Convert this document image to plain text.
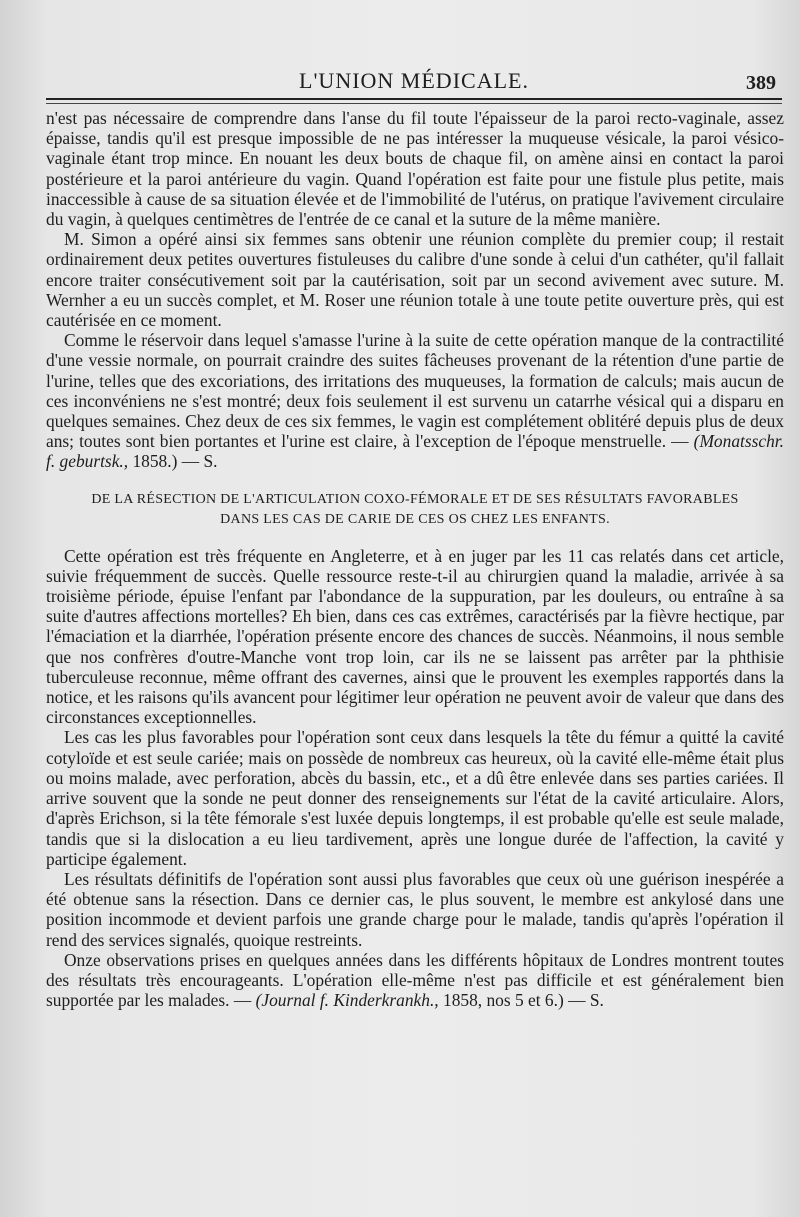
L'UNION MÉDICALE.	389

n'est pas nécessaire de comprendre dans l'anse du fil toute l'épaisseur de la paroi recto-vaginale, assez épaisse, tandis qu'il est presque impossible de ne pas intéresser la muqueuse vésicale, la paroi vésico-vaginale étant trop mince. En nouant les deux bouts de chaque fil, on amène ainsi en contact la paroi postérieure et la paroi antérieure du vagin. Quand l'opération est faite pour une fistule plus petite, mais inaccessible à cause de sa situation élevée et de l'immobilité de l'utérus, on pratique l'avivement circulaire du vagin, à quelques centimètres de l'entrée de ce canal et la suture de la même manière.

M. Simon a opéré ainsi six femmes sans obtenir une réunion complète du premier coup; il restait ordinairement deux petites ouvertures fistuleuses du calibre d'une sonde à celui d'un cathéter, qu'il fallait encore traiter consécutivement soit par la cautérisation, soit par un second avivement avec suture. M. Wernher a eu un succès complet, et M. Roser une réunion totale à une toute petite ouverture près, qui est cautérisée en ce moment.

Comme le réservoir dans lequel s'amasse l'urine à la suite de cette opération manque de la contractilité d'une vessie normale, on pourrait craindre des suites fâcheuses provenant de la rétention d'une partie de l'urine, telles que des excoriations, des irritations des muqueuses, la formation de calculs; mais aucun de ces inconvéniens ne s'est montré; deux fois seulement il est survenu un catarrhe vésical qui a disparu en quelques semaines. Chez deux de ces six femmes, le vagin est complétement oblitéré depuis plus de deux ans; toutes sont bien portantes et l'urine est claire, à l'exception de l'époque menstruelle. — (Monatsschr. f. geburtsk., 1858.) — S.

DE LA RÉSECTION DE L'ARTICULATION COXO-FÉMORALE ET DE SES RÉSULTATS FAVORABLES
DANS LES CAS DE CARIE DE CES OS CHEZ LES ENFANTS.

Cette opération est très fréquente en Angleterre, et à en juger par les 11 cas relatés dans cet article, suivie fréquemment de succès. Quelle ressource reste-t-il au chirurgien quand la maladie, arrivée à sa troisième période, épuise l'enfant par l'abondance de la suppuration, par les douleurs, ou entraîne à sa suite d'autres affections mortelles? Eh bien, dans ces cas extrêmes, caractérisés par la fièvre hectique, par l'émaciation et la diarrhée, l'opération présente encore des chances de succès. Néanmoins, il nous semble que nos confrères d'outre-Manche vont trop loin, car ils ne se laissent pas arrêter par la phthisie tuberculeuse reconnue, même offrant des cavernes, ainsi que le prouvent les exemples rapportés dans la notice, et les raisons qu'ils avancent pour légitimer leur opération ne peuvent avoir de valeur que dans des circonstances exceptionnelles.

Les cas les plus favorables pour l'opération sont ceux dans lesquels la tête du fémur a quitté la cavité cotyloïde et est seule cariée; mais on possède de nombreux cas heureux, où la cavité elle-même était plus ou moins malade, avec perforation, abcès du bassin, etc., et a dû être enlevée dans ses parties cariées. Il arrive souvent que la sonde ne peut donner des renseignements sur l'état de la cavité articulaire. Alors, d'après Erichson, si la tête fémorale s'est luxée depuis longtemps, il est probable qu'elle est seule malade, tandis que si la dislocation a eu lieu tardivement, après une longue durée de l'affection, la cavité y participe également.

Les résultats définitifs de l'opération sont aussi plus favorables que ceux où une guérison inespérée a été obtenue sans la résection. Dans ce dernier cas, le plus souvent, le membre est ankylosé dans une position incommode et devient parfois une grande charge pour le malade, tandis qu'après l'opération il rend des services signalés, quoique restreints.

Onze observations prises en quelques années dans les différents hôpitaux de Londres montrent toutes des résultats très encourageants. L'opération elle-même n'est pas difficile et est généralement bien supportée par les malades. — (Journal f. Kinderkrankh., 1858, nos 5 et 6.) — S.
